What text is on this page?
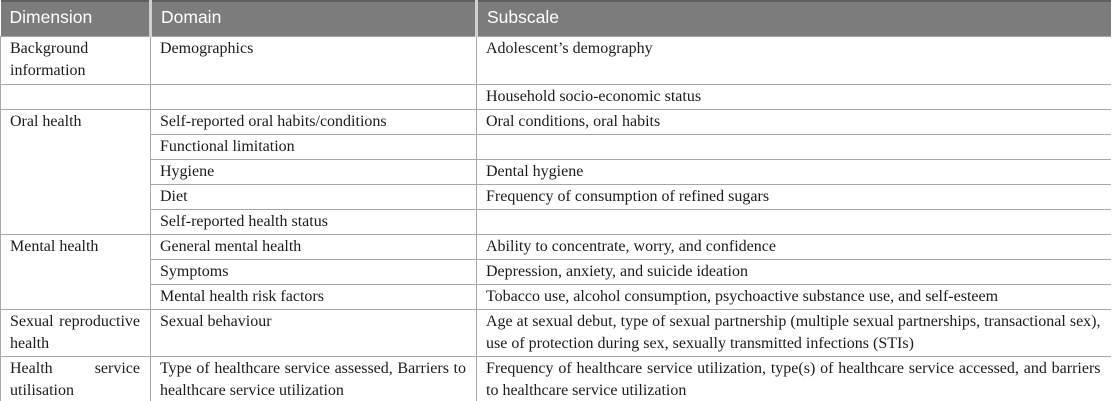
Dimension	Domain	Subscale
Background information	Demographics	Adolescent’s demography
		Household socio-economic status
Oral health	Self-reported oral habits/conditions	Oral conditions, oral habits
	Functional limitation	
	Hygiene	Dental hygiene
	Diet	Frequency of consumption of refined sugars
	Self-reported health status	
Mental health	General mental health	Ability to concentrate, worry, and confidence
	Symptoms	Depression, anxiety, and suicide ideation
	Mental health risk factors	Tobacco use, alcohol consumption, psychoactive substance use, and self-esteem
Sexual reproductive health	Sexual behaviour	Age at sexual debut, type of sexual partnership (multiple sexual partnerships, transactional sex), use of protection during sex, sexually transmitted infections (STIs)
Health service utilisation	Type of healthcare service assessed, Barriers to healthcare service utilization	Frequency of healthcare service utilization, type(s) of healthcare service accessed, and barriers to healthcare service utilization
